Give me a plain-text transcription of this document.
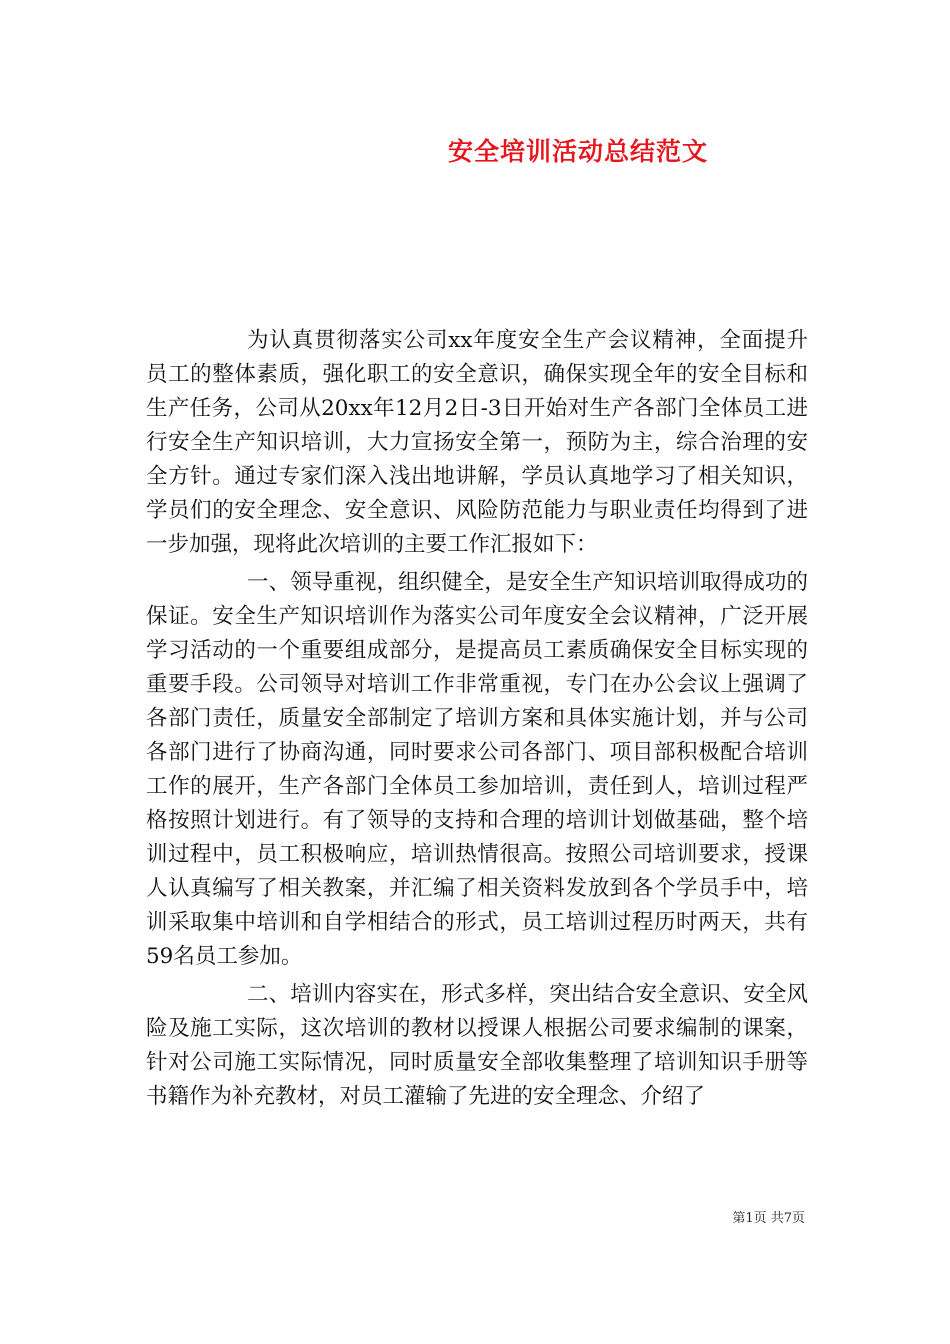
安全培训活动总结范文

为认真贯彻落实公司xx年度安全生产会议精神，全面提升员工的整体素质，强化职工的安全意识，确保实现全年的安全目标和生产任务，公司从20xx年12月2日-3日开始对生产各部门全体员工进行安全生产知识培训，大力宣扬安全第一，预防为主，综合治理的安全方针。通过专家们深入浅出地讲解，学员认真地学习了相关知识，学员们的安全理念、安全意识、风险防范能力与职业责任均得到了进一步加强，现将此次培训的主要工作汇报如下：

一、领导重视，组织健全，是安全生产知识培训取得成功的保证。安全生产知识培训作为落实公司年度安全会议精神，广泛开展学习活动的一个重要组成部分，是提高员工素质确保安全目标实现的重要手段。公司领导对培训工作非常重视，专门在办公会议上强调了各部门责任，质量安全部制定了培训方案和具体实施计划，并与公司各部门进行了协商沟通，同时要求公司各部门、项目部积极配合培训工作的展开，生产各部门全体员工参加培训，责任到人，培训过程严格按照计划进行。有了领导的支持和合理的培训计划做基础，整个培训过程中，员工积极响应，培训热情很高。按照公司培训要求，授课人认真编写了相关教案，并汇编了相关资料发放到各个学员手中，培训采取集中培训和自学相结合的形式，员工培训过程历时两天，共有59名员工参加。

二、培训内容实在，形式多样，突出结合安全意识、安全风险及施工实际，这次培训的教材以授课人根据公司要求编制的课案，针对公司施工实际情况，同时质量安全部收集整理了培训知识手册等书籍作为补充教材，对员工灌输了先进的安全理念、介绍了

第1页 共7页
